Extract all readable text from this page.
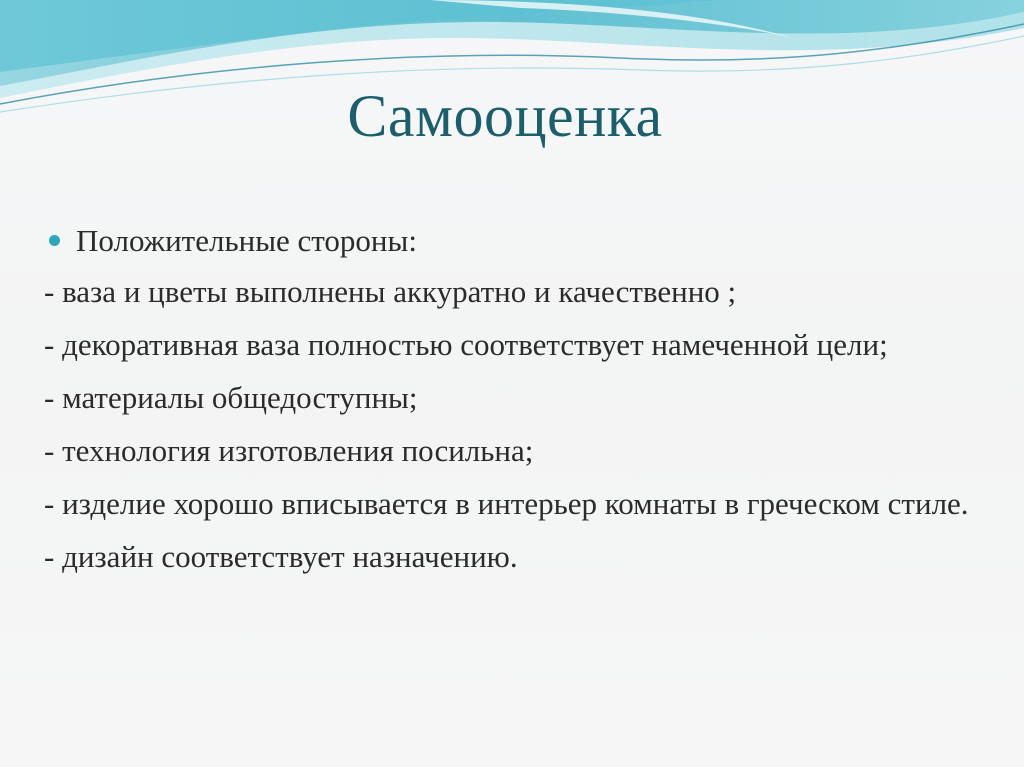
Самооценка
Положительные стороны:
- ваза и цветы выполнены аккуратно и качественно ;
- декоративная ваза полностью соответствует намеченной цели;
- материалы общедоступны;
- технология изготовления посильна;
- изделие хорошо вписывается в интерьер комнаты в греческом стиле.
- дизайн соответствует назначению.
